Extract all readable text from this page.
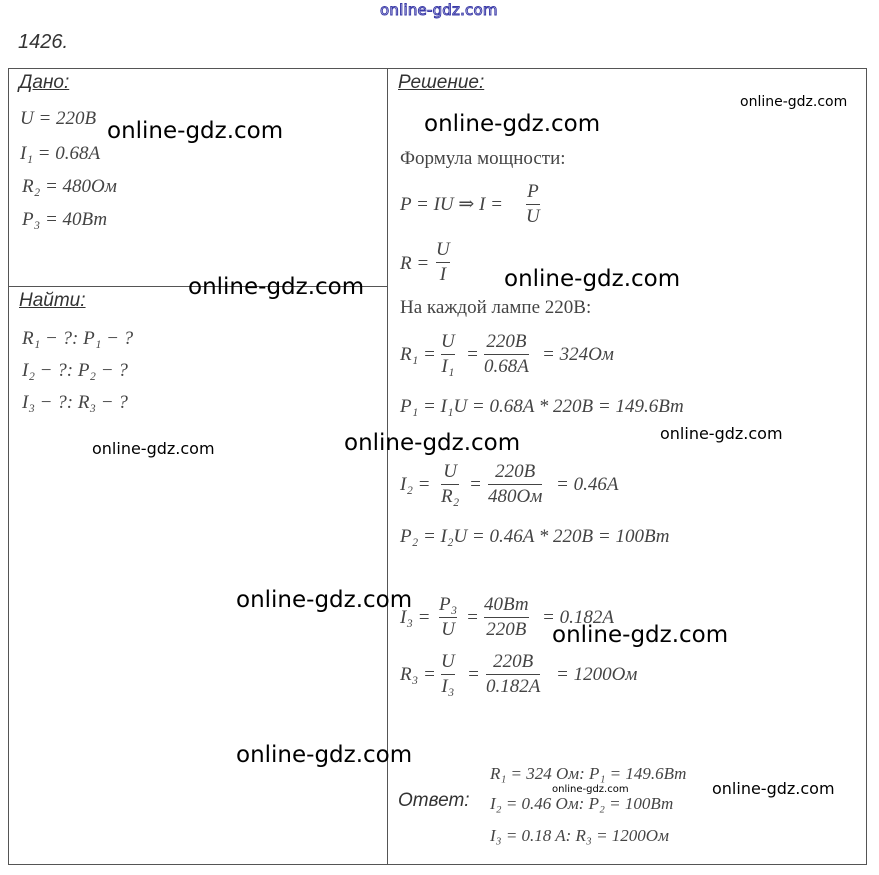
online-gdz.com
1426.
Дано:
U = 220B
I₁ = 0.68A
R₂ = 480Ом
P₃ = 40Вт
Найти:
R₁ − ?: P₁ − ?
I₂ − ?: P₂ − ?
I₃ − ?: R₃ − ?
Решение:
Формула мощности:
P = IU ⇒ I =
P
U
R =
U
I
На каждой лампе 220В:
R₁ =
U
I₁
=
220B
0.68A
= 324Ом
P₁ = I₁U = 0.68A * 220B = 149.6Вт
I₂ =
U
R₂
=
220B
480Ом
= 0.46A
P₂ = I₂U = 0.46A * 220B = 100Вт
I₃ =
P₃
U
=
40Вт
220B
= 0.182A
R₃ =
U
I₃
=
220B
0.182A
= 1200Ом
Ответ:
R₁ = 324 Ом: P₁ = 149.6Вт
I₂ = 0.46 Ом: P₂ = 100Вт
I₃ = 0.18 A: R₃ = 1200Ом
online-gdz.com	online-gdz.com
online-gdz.com
online-gdz.com	online-gdz.com
online-gdz.com	online-gdz.com	online-gdz.com
online-gdz.com
online-gdz.com
online-gdz.com
online-gdz.com	online-gdz.com
